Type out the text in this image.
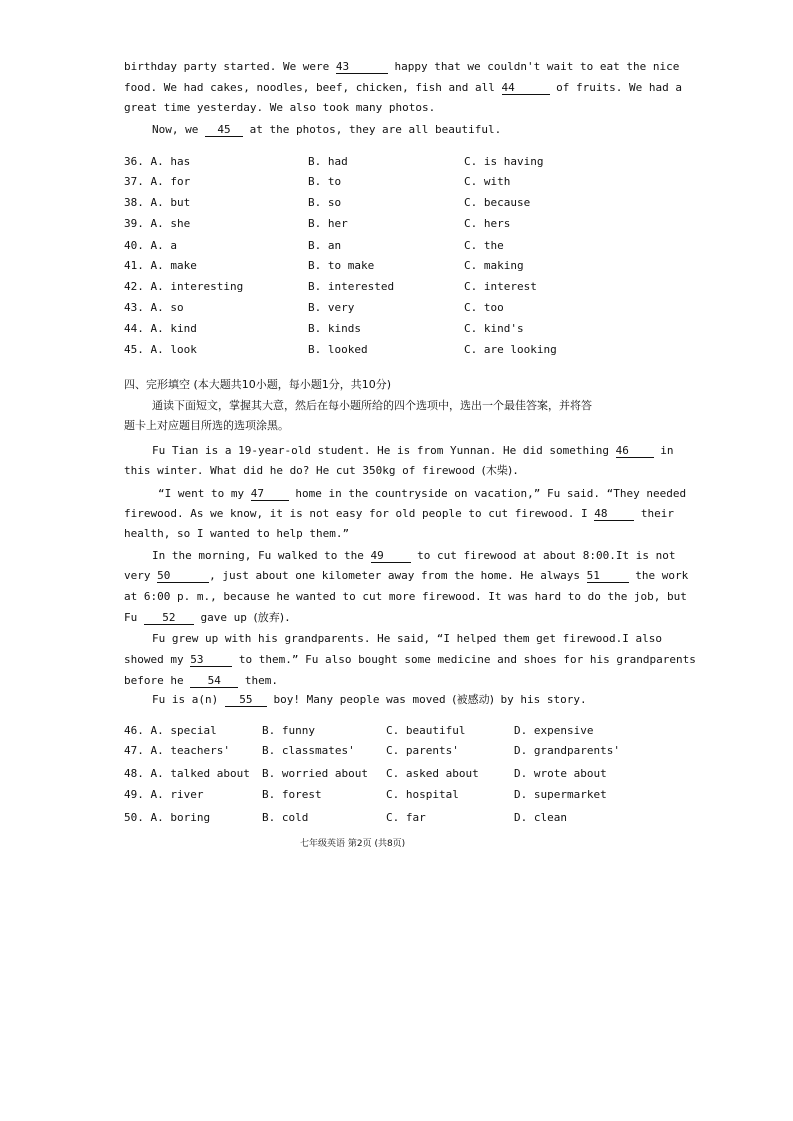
birthday party started. We were 43	happy that we couldn't wait to eat the nice
food. We had cakes, noodles, beef, chicken, fish and all 44	of fruits. We had a
great time yesterday. We also took many photos.
Now, we 45 at the photos, they are all beautiful.
36. A. has	B. had	C. is having
37. A. for	B. to	C. with
38. A. but	B. so	C. because
39. A. she	B. her	C. hers
40. A. a	B. an	C. the
41. A. make	B. to make	C. making
42. A. interesting	B. interested	C. interest
43. A. so	B. very	C. too
44. A. kind	B. kinds	C. kind's
45. A. look	B. looked	C. are looking
四、完形填空 (本大题共10小题，每小题1分，共10分)
通读下面短文，掌握其大意，然后在每小题所给的四个选项中，选出一个最佳答案，并将答
题卡上对应题目所选的选项涂黑。
Fu Tian is a 19-year-old student. He is from Yunnan. He did something 46 in
this winter. What did he do? He cut 350kg of firewood (木柴).
“I went to my 47 home in the countryside on vacation,” Fu said. “They needed
firewood. As we know, it is not easy for old people to cut firewood. I 48 their
health, so I wanted to help them.”
In the morning, Fu walked to the 49 to cut firewood at about 8:00.It is not
very 50	, just about one kilometer away from the home. He always 51	the work
at 6:00 p. m., because he wanted to cut more firewood. It was hard to do the job, but
Fu 52 gave up (放弃).
Fu grew up with his grandparents. He said, “I helped them get firewood.I also
showed my 53	to them.” Fu also bought some medicine and shoes for his grandparents
before he 54 them.
Fu is a(n) 55 boy! Many people was moved (被感动) by his story.
46. A. special	B. funny	C. beautiful	D. expensive
47. A. teachers'	B. classmates'	C. parents'	D. grandparents'
48. A. talked about B. worried about C. asked about	D. wrote about
49. A. river	B. forest	C. hospital	D. supermarket
50. A. boring	B. cold	C. far	D. clean
七年级英语 第2页 (共8页)
